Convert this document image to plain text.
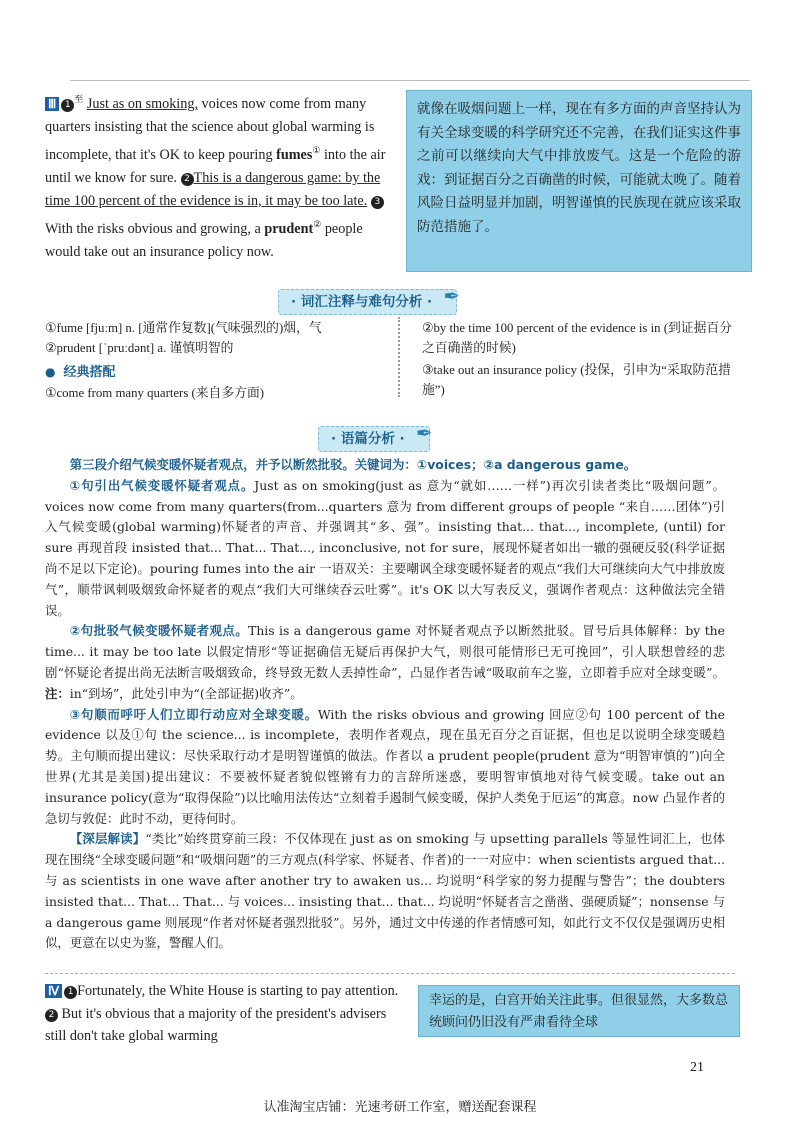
Ⅲ $1^至$ Just as on smoking, voices now come from many quarters insisting that the science about global warming is incomplete, that it's OK to keep pouring fumes① into the air until we know for sure. 2 This is a dangerous game: by the time 100 percent of the evidence is in, it may be too late. 3 With the risks obvious and growing, a prudent② people would take out an insurance policy now.
就像在吸烟问题上一样，现在有多方面的声音坚持认为有关全球变暖的科学研究还不完善，在我们证实这件事之前可以继续向大气中排放废气。这是一个危险的游戏：到证据百分之百确凿的时候，可能就太晚了。随着风险日益明显并加剧，明智谨慎的民族现在就应该采取防范措施了。
· 词汇注释与难句分析 · ✒

①fume [fjuːm] n. [通常作复数](气味强烈的)烟，气

②prudent [ˈpruːdənt] a. 谨慎明智的

● 经典搭配

①come from many quarters (来自多方面)

②by the time 100 percent of the evidence is in (到证据百分之百确凿的时候)

③take out an insurance policy (投保，引申为“采取防范措施”)

· 语篇分析 · ✒

第三段介绍气候变暖怀疑者观点，并予以断然批驳。关键词为：①voices；②a dangerous game。

①句引出气候变暖怀疑者观点。Just as on smoking(just as 意为“就如……一样”)再次引读者类比“吸烟问题”。voices now come from many quarters(from...quarters 意为 from different groups of people “来自……团体”)引入气候变暖(global warming)怀疑者的声音、并强调其“多、强”。insisting that... that..., incomplete, (until) for sure 再现首段 insisted that... That... That..., inconclusive, not for sure，展现怀疑者如出一辙的强硬反驳(科学证据尚不足以下定论)。pouring fumes into the air 一语双关：主要嘲讽全球变暖怀疑者的观点“我们大可继续向大气中排放废气”，顺带讽刺吸烟致命怀疑者的观点“我们大可继续吞云吐雾”。it's OK 以大写表反义，强调作者观点：这种做法完全错误。

②句批驳气候变暖怀疑者观点。This is a dangerous game 对怀疑者观点予以断然批驳。冒号后具体解释：by the time... it may be too late 以假定情形“等证据确信无疑后再保护大气，则很可能情形已无可挽回”，引人联想曾经的悲剧“怀疑论者提出尚无法断言吸烟致命，终导致无数人丢掉性命”，凸显作者告诫“吸取前车之鉴，立即着手应对全球变暖”。注：in“到场”，此处引申为“(全部证据)收齐”。

③句顺而呼吁人们立即行动应对全球变暖。With the risks obvious and growing 回应②句 100 percent of the evidence 以及①句 the science... is incomplete，表明作者观点，现在虽无百分之百证据，但也足以说明全球变暖趋势。主句顺而提出建议：尽快采取行动才是明智谨慎的做法。作者以 a prudent people(prudent 意为“明智审慎的”)向全世界(尤其是美国)提出建议：不要被怀疑者貌似铿锵有力的言辞所迷惑，要明智审慎地对待气候变暖。take out an insurance policy(意为“取得保险”)以比喻用法传达“立刻着手遏制气候变暖，保护人类免于厄运”的寓意。now 凸显作者的急切与敦促：此时不动，更待何时。

【深层解读】“类比”始终贯穿前三段：不仅体现在 just as on smoking 与 upsetting parallels 等显性词汇上，也体现在围绕“全球变暖问题”和“吸烟问题”的三方观点(科学家、怀疑者、作者)的一一对应中：when scientists argued that... 与 as scientists in one wave after another try to awaken us... 均说明“科学家的努力提醒与警告”；the doubters insisted that... That... That... 与 voices... insisting that... that... 均说明“怀疑者言之凿凿、强硬质疑”；nonsense 与 a dangerous game 则展现“作者对怀疑者强烈批驳”。另外，通过文中传递的作者情感可知，如此行文不仅仅是强调历史相似，更意在以史为鉴，警醒人们。

Ⅳ 1 Fortunately, the White House is starting to pay attention. 2 But it's obvious that a majority of the president's advisers still don't take global warming
幸运的是，白宫开始关注此事。但很显然，大多数总统顾问仍旧没有严肃看待全球
21
认准淘宝店铺：光速考研工作室，赠送配套课程
